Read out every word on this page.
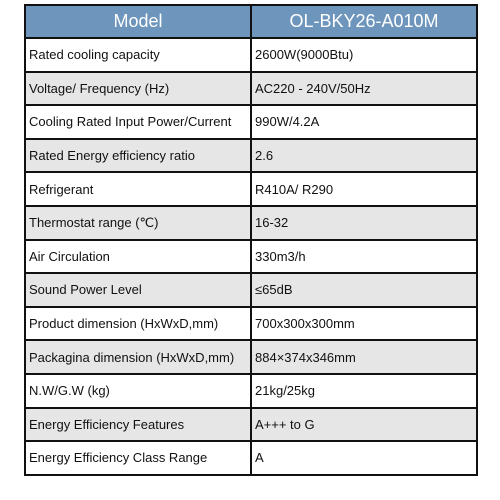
Model	OL-BKY26-A010M
Rated cooling capacity	2600W(9000Btu)
Voltage/ Frequency (Hz)	AC220 - 240V/50Hz
Cooling Rated Input Power/Current	990W/4.2A
Rated Energy efficiency ratio	2.6
Refrigerant	R410A/ R290
Thermostat range (℃)	16-32
Air Circulation	330m3/h
Sound Power Level	≤65dB
Product dimension (HxWxD,mm)	700x300x300mm
Packagina dimension (HxWxD,mm)	884×374x346mm
N.W/G.W (kg)	21kg/25kg
Energy Efficiency Features	A+++ to G
Energy Efficiency Class Range	A
